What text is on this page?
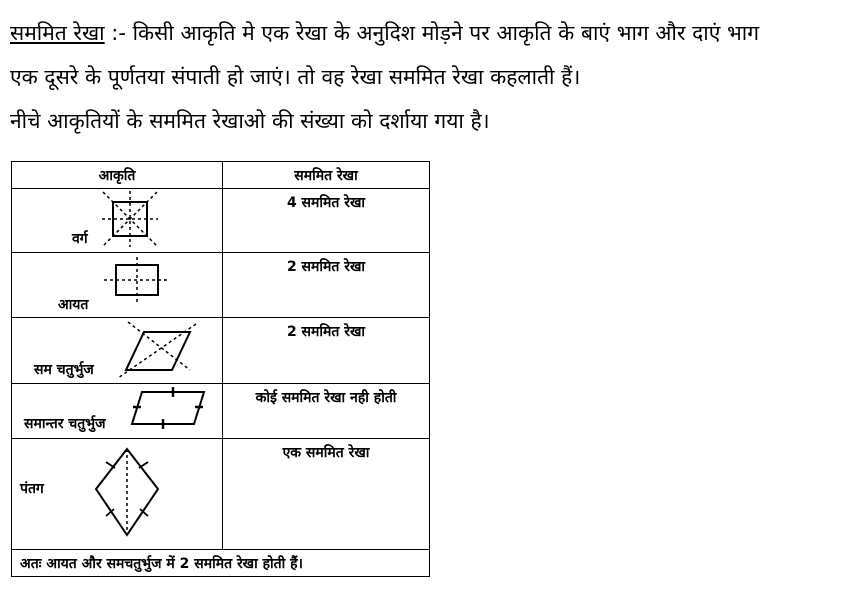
सममित रेखा :- किसी आकृति मे एक रेखा के अनुदिश मोड़ने पर आकृति के बाएं भाग और दाएं भाग
एक दूसरे के पूर्णतया संपाती हो जाएं। तो वह रेखा सममित रेखा कहलाती हैं।
नीचे आकृतियों के सममित रेखाओ की संख्या को दर्शाया गया है।
आकृति	सममित रेखा

वर्ग	4 सममित रेखा

आयत	2 सममित रेखा

सम चतुर्भुज	2 सममित रेखा

समान्तर चतुर्भुज	कोई सममित रेखा नही होती

पंतग	एक सममित रेखा
अतः आयत और समचतुर्भुज में 2 सममित रेखा होती हैं।	
